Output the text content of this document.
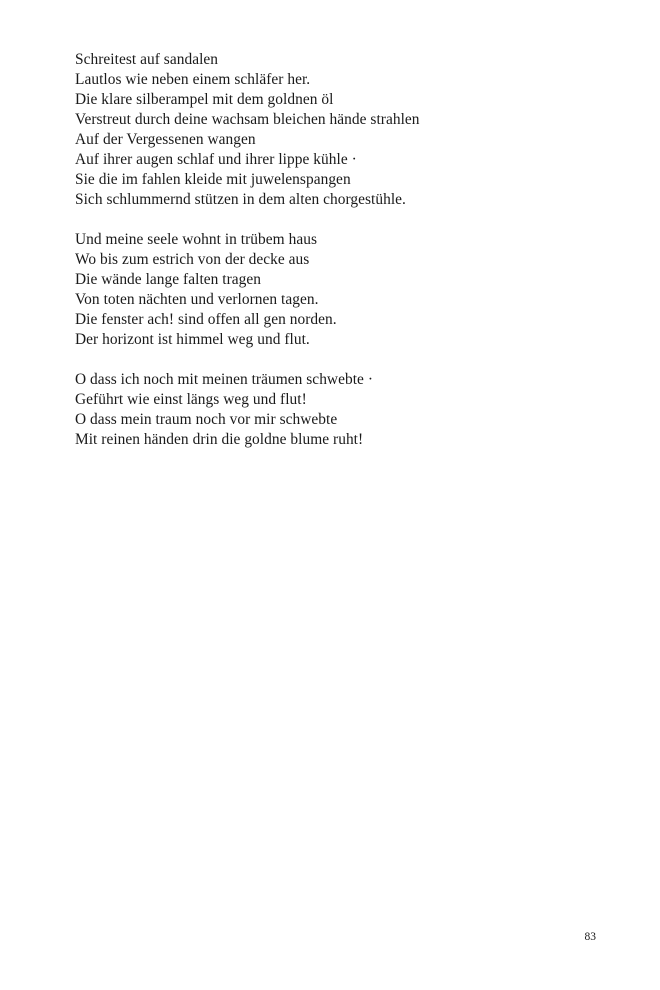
Schreitest auf sandalen
Lautlos wie neben einem schläfer her.
Die klare silberampel mit dem goldnen öl
Verstreut durch deine wachsam bleichen hände strahlen
Auf der Vergessenen wangen
Auf ihrer augen schlaf und ihrer lippe kühle ·
Sie die im fahlen kleide mit juwelenspangen
Sich schlummernd stützen in dem alten chorgestühle.
Und meine seele wohnt in trübem haus
Wo bis zum estrich von der decke aus
Die wände lange falten tragen
Von toten nächten und verlornen tagen.
Die fenster ach! sind offen all gen norden.
Der horizont ist himmel weg und flut.
O dass ich noch mit meinen träumen schwebte ·
Geführt wie einst längs weg und flut!
O dass mein traum noch vor mir schwebte
Mit reinen händen drin die goldne blume ruht!
83
